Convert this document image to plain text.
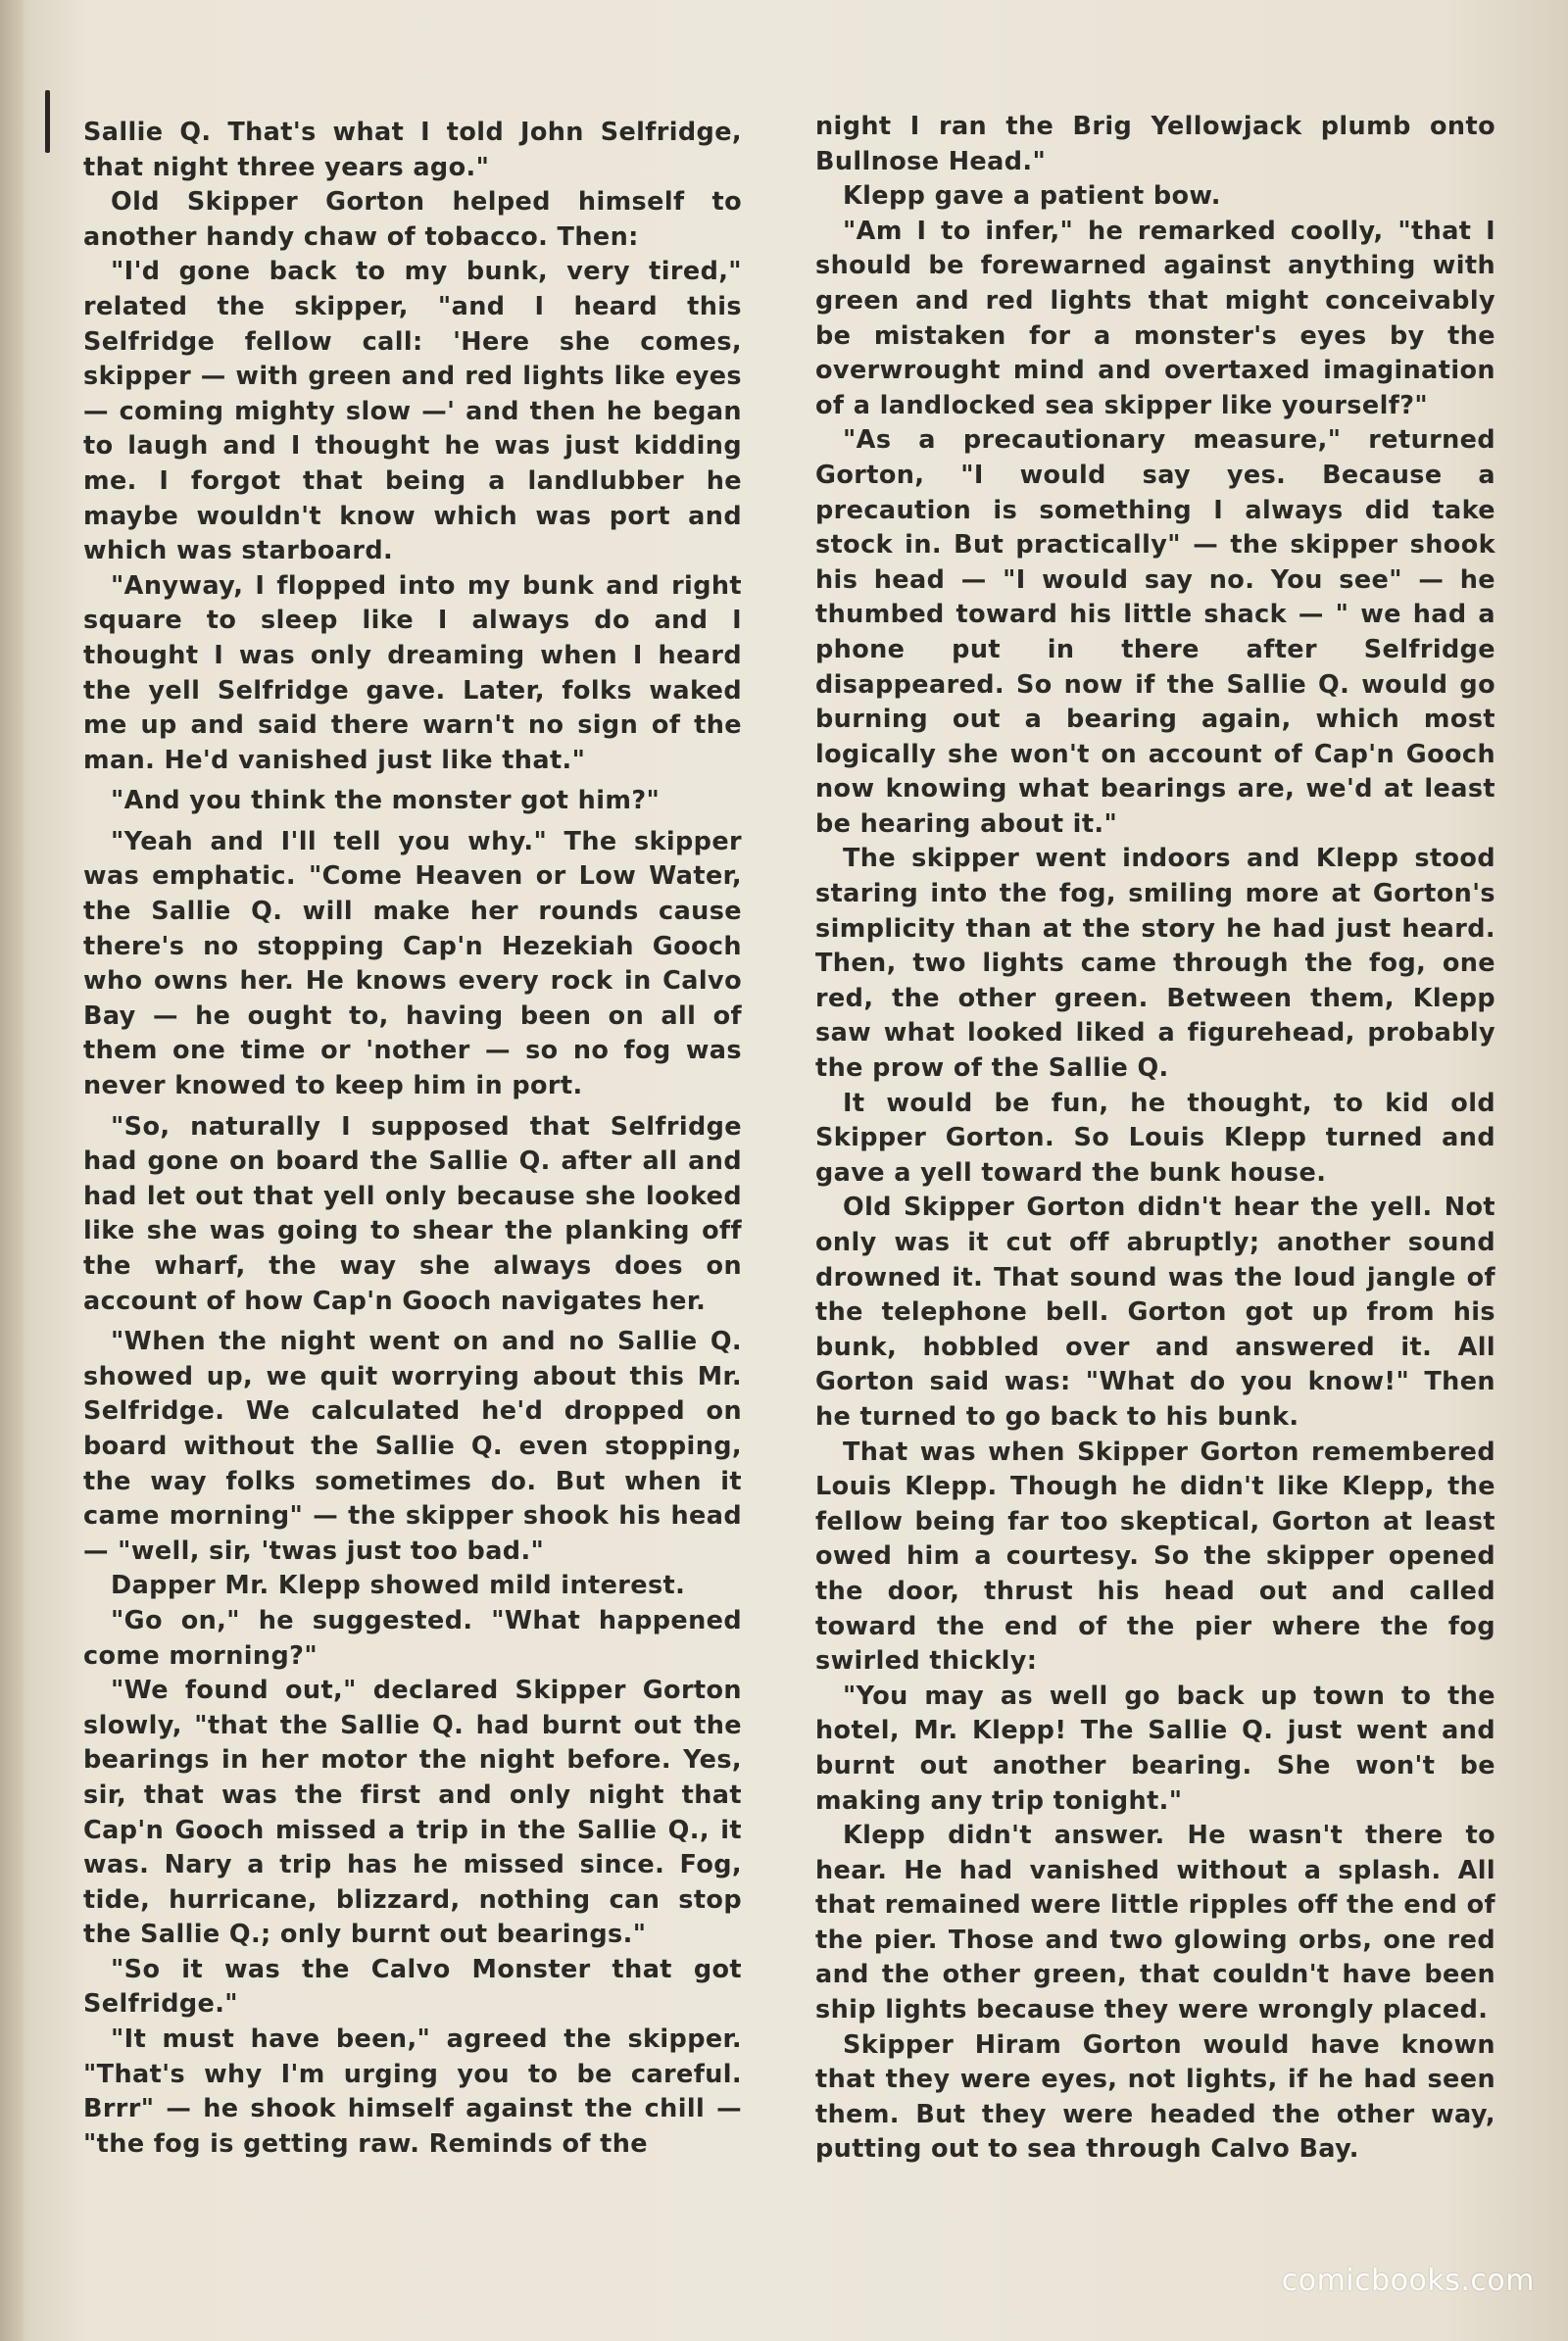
Sallie Q. That's what I told John Selfridge, that night three years ago."

Old Skipper Gorton helped himself to another handy chaw of tobacco. Then:

"I'd gone back to my bunk, very tired," related the skipper, "and I heard this Selfridge fellow call: 'Here she comes, skipper — with green and red lights like eyes — coming mighty slow —' and then he began to laugh and I thought he was just kidding me. I forgot that being a landlubber he maybe wouldn't know which was port and which was starboard.

"Anyway, I flopped into my bunk and right square to sleep like I always do and I thought I was only dreaming when I heard the yell Selfridge gave. Later, folks waked me up and said there warn't no sign of the man. He'd vanished just like that."

"And you think the monster got him?"

"Yeah and I'll tell you why." The skipper was emphatic. "Come Heaven or Low Water, the Sallie Q. will make her rounds cause there's no stopping Cap'n Hezekiah Gooch who owns her. He knows every rock in Calvo Bay — he ought to, having been on all of them one time or 'nother — so no fog was never knowed to keep him in port.

"So, naturally I supposed that Selfridge had gone on board the Sallie Q. after all and had let out that yell only because she looked like she was going to shear the planking off the wharf, the way she always does on account of how Cap'n Gooch navigates her.

"When the night went on and no Sallie Q. showed up, we quit worrying about this Mr. Selfridge. We calculated he'd dropped on board without the Sallie Q. even stopping, the way folks sometimes do. But when it came morning" — the skipper shook his head — "well, sir, 'twas just too bad."

Dapper Mr. Klepp showed mild interest.

"Go on," he suggested. "What happened come morning?"

"We found out," declared Skipper Gorton slowly, "that the Sallie Q. had burnt out the bearings in her motor the night before. Yes, sir, that was the first and only night that Cap'n Gooch missed a trip in the Sallie Q., it was. Nary a trip has he missed since. Fog, tide, hurricane, blizzard, nothing can stop the Sallie Q.; only burnt out bearings."

"So it was the Calvo Monster that got Selfridge."

"It must have been," agreed the skipper. "That's why I'm urging you to be careful. Brrr" — he shook himself against the chill — "the fog is getting raw. Reminds of the

night I ran the Brig Yellowjack plumb onto Bullnose Head."

Klepp gave a patient bow.

"Am I to infer," he remarked coolly, "that I should be forewarned against anything with green and red lights that might conceivably be mistaken for a monster's eyes by the overwrought mind and overtaxed imagination of a landlocked sea skipper like yourself?"

"As a precautionary measure," returned Gorton, "I would say yes. Because a precaution is something I always did take stock in. But practically" — the skipper shook his head — "I would say no. You see" — he thumbed toward his little shack — " we had a phone put in there after Selfridge disappeared. So now if the Sallie Q. would go burning out a bearing again, which most logically she won't on account of Cap'n Gooch now knowing what bearings are, we'd at least be hearing about it."

The skipper went indoors and Klepp stood staring into the fog, smiling more at Gorton's simplicity than at the story he had just heard. Then, two lights came through the fog, one red, the other green. Between them, Klepp saw what looked liked a figurehead, probably the prow of the Sallie Q.

It would be fun, he thought, to kid old Skipper Gorton. So Louis Klepp turned and gave a yell toward the bunk house.

Old Skipper Gorton didn't hear the yell. Not only was it cut off abruptly; another sound drowned it. That sound was the loud jangle of the telephone bell. Gorton got up from his bunk, hobbled over and answered it. All Gorton said was: "What do you know!" Then he turned to go back to his bunk.

That was when Skipper Gorton remembered Louis Klepp. Though he didn't like Klepp, the fellow being far too skeptical, Gorton at least owed him a courtesy. So the skipper opened the door, thrust his head out and called toward the end of the pier where the fog swirled thickly:

"You may as well go back up town to the hotel, Mr. Klepp! The Sallie Q. just went and burnt out another bearing. She won't be making any trip tonight."

Klepp didn't answer. He wasn't there to hear. He had vanished without a splash. All that remained were little ripples off the end of the pier. Those and two glowing orbs, one red and the other green, that couldn't have been ship lights because they were wrongly placed.

Skipper Hiram Gorton would have known that they were eyes, not lights, if he had seen them. But they were headed the other way, putting out to sea through Calvo Bay.

comicbooks.com
